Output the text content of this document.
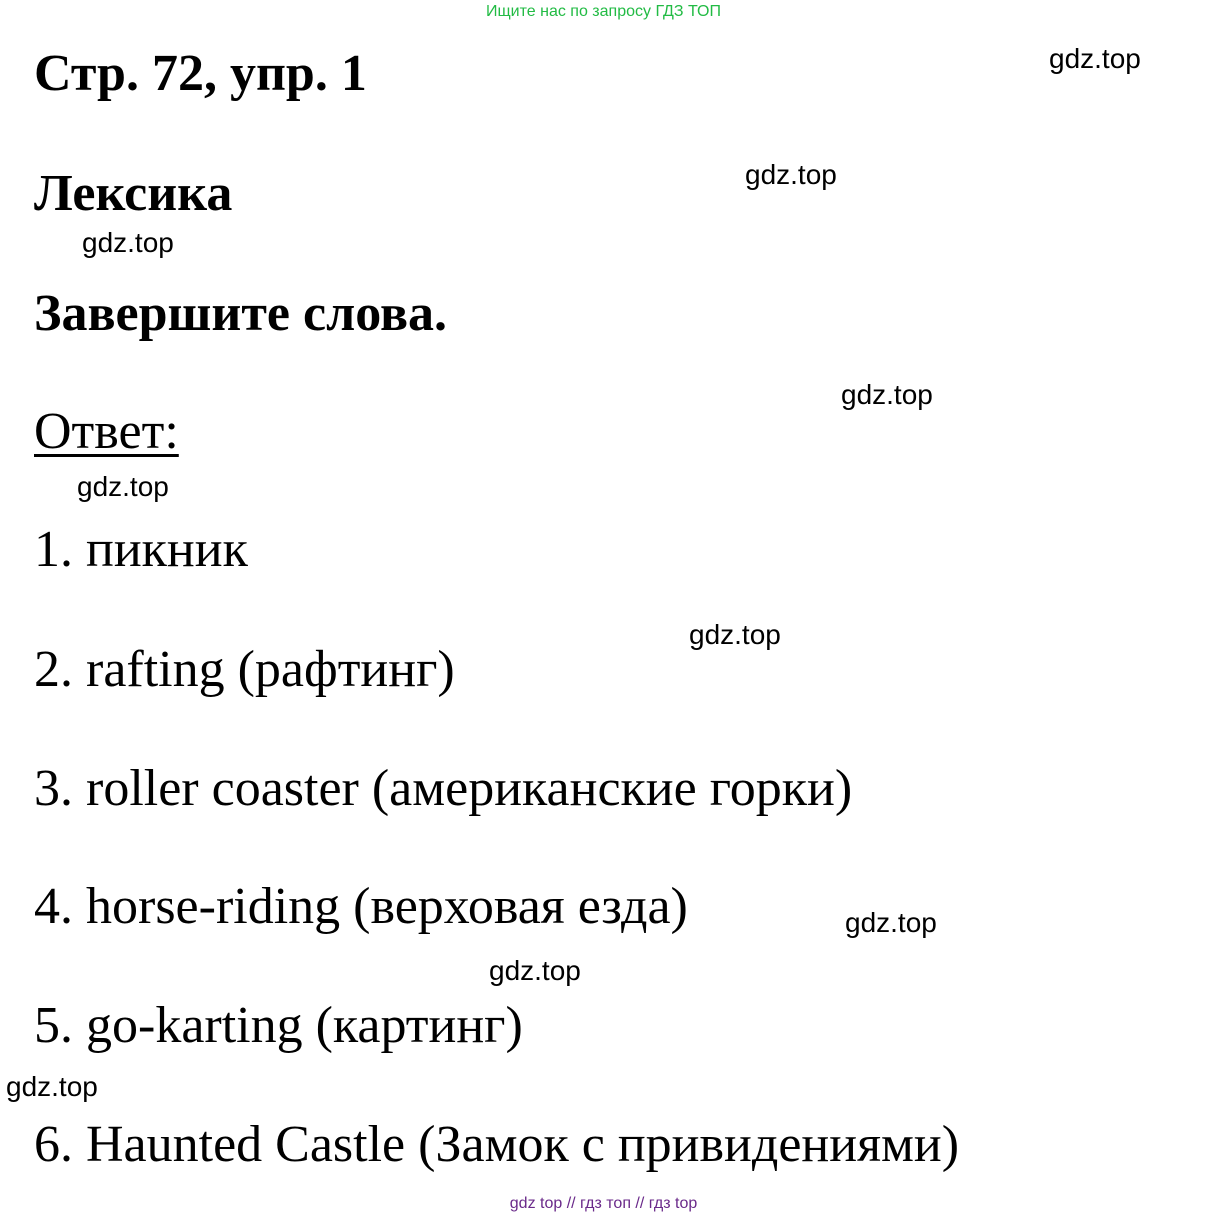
Ищите нас по запросу ГДЗ ТОП
Стр. 72, упр. 1	gdz.top
Лексика	gdz.top
gdz.top
Завершите слова.
gdz.top
Ответ:
gdz.top
1. пикник
gdz.top
2. rafting (рафтинг)
3. roller coaster (американские горки)
4. horse-riding (верховая езда)	gdz.top
gdz.top
5. go-karting (картинг)
gdz.top
6. Haunted Castle (Замок с привидениями)
gdz top // гдз топ // гдз top
